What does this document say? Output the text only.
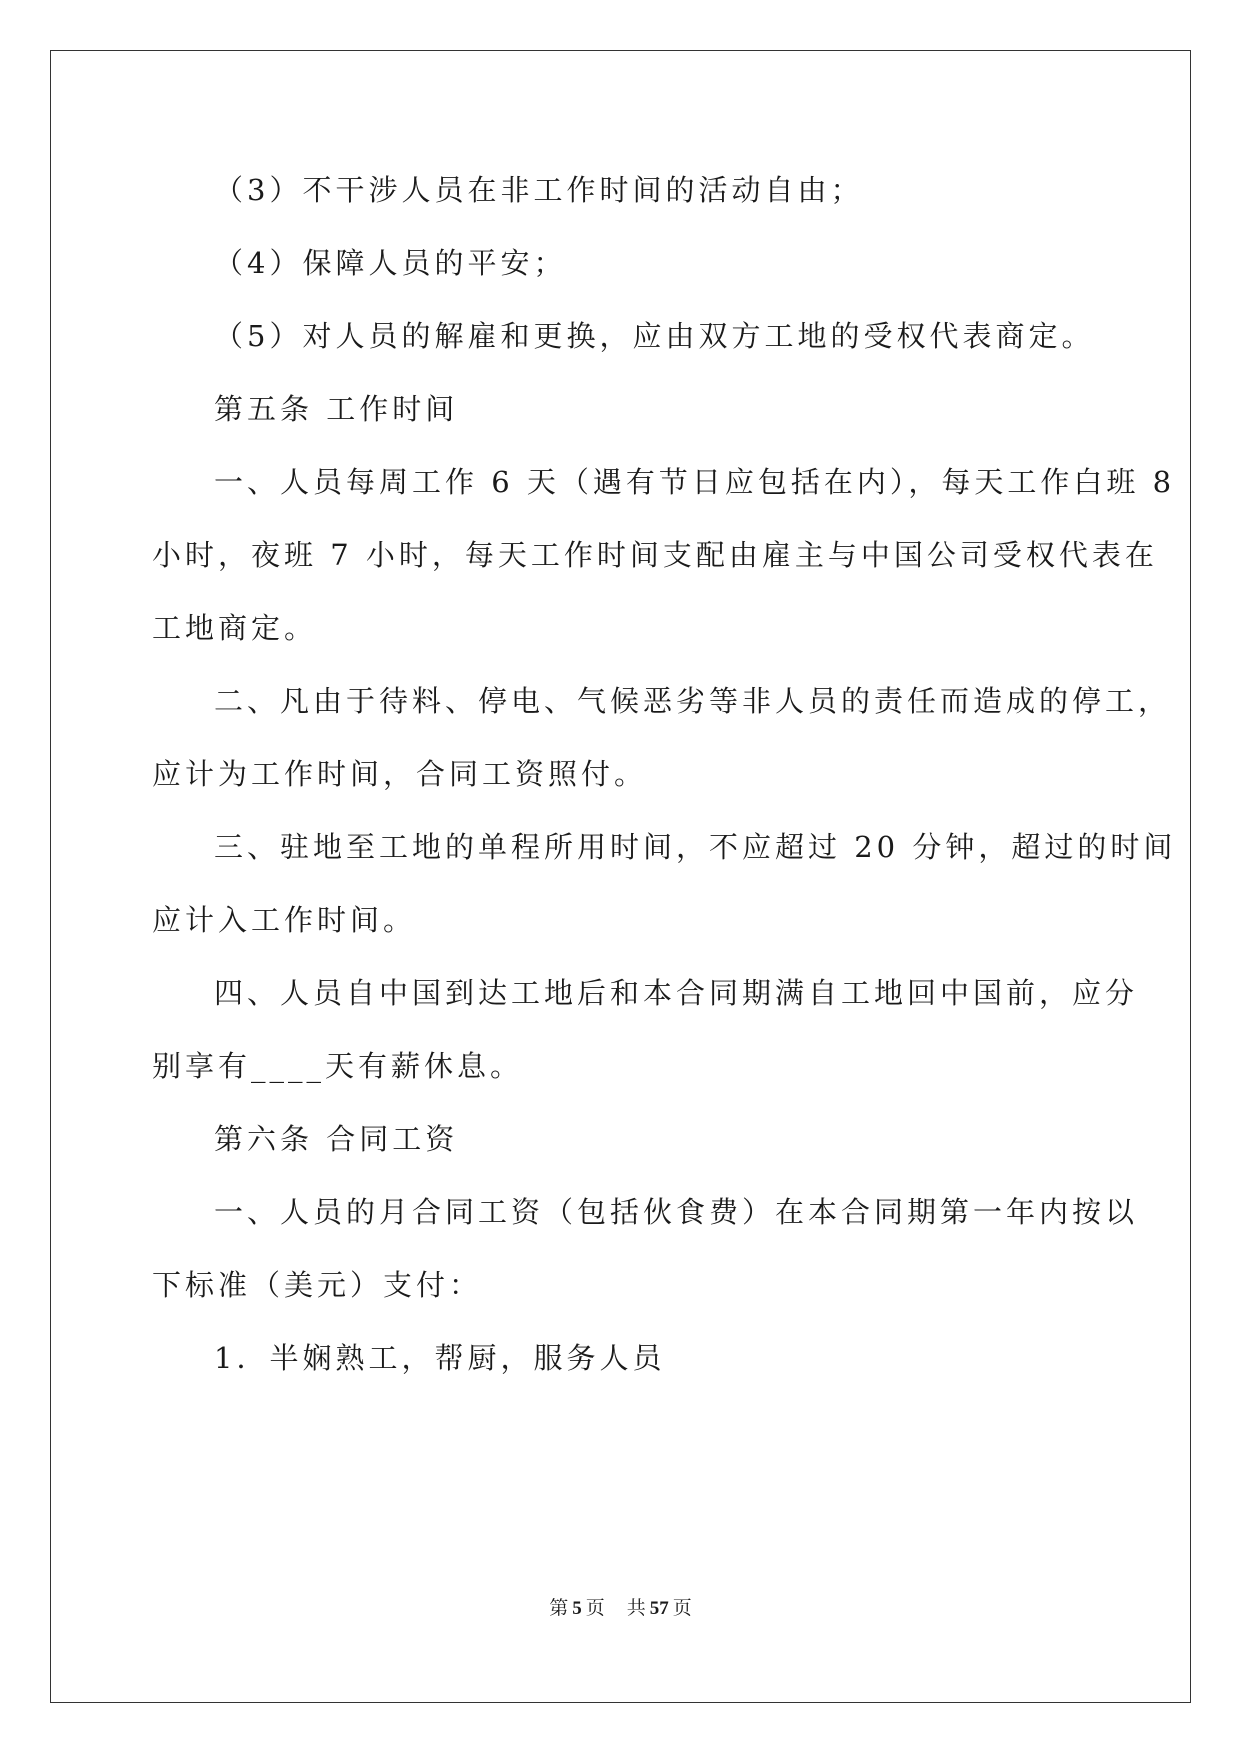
（3）不干涉人员在非工作时间的活动自由；
（4）保障人员的平安；
（5）对人员的解雇和更换，应由双方工地的受权代表商定。
第五条 工作时间
一、人员每周工作 6 天（遇有节日应包括在内），每天工作白班 8
小时，夜班 7 小时，每天工作时间支配由雇主与中国公司受权代表在
工地商定。
二、凡由于待料、停电、气候恶劣等非人员的责任而造成的停工，
应计为工作时间，合同工资照付。
三、驻地至工地的单程所用时间，不应超过 20 分钟，超过的时间
应计入工作时间。
四、人员自中国到达工地后和本合同期满自工地回中国前，应分
别享有____天有薪休息。
第六条 合同工资
一、人员的月合同工资（包括伙食费）在本合同期第一年内按以
下标准（美元）支付：
1．半娴熟工，帮厨，服务人员
第 5 页 共 57 页
